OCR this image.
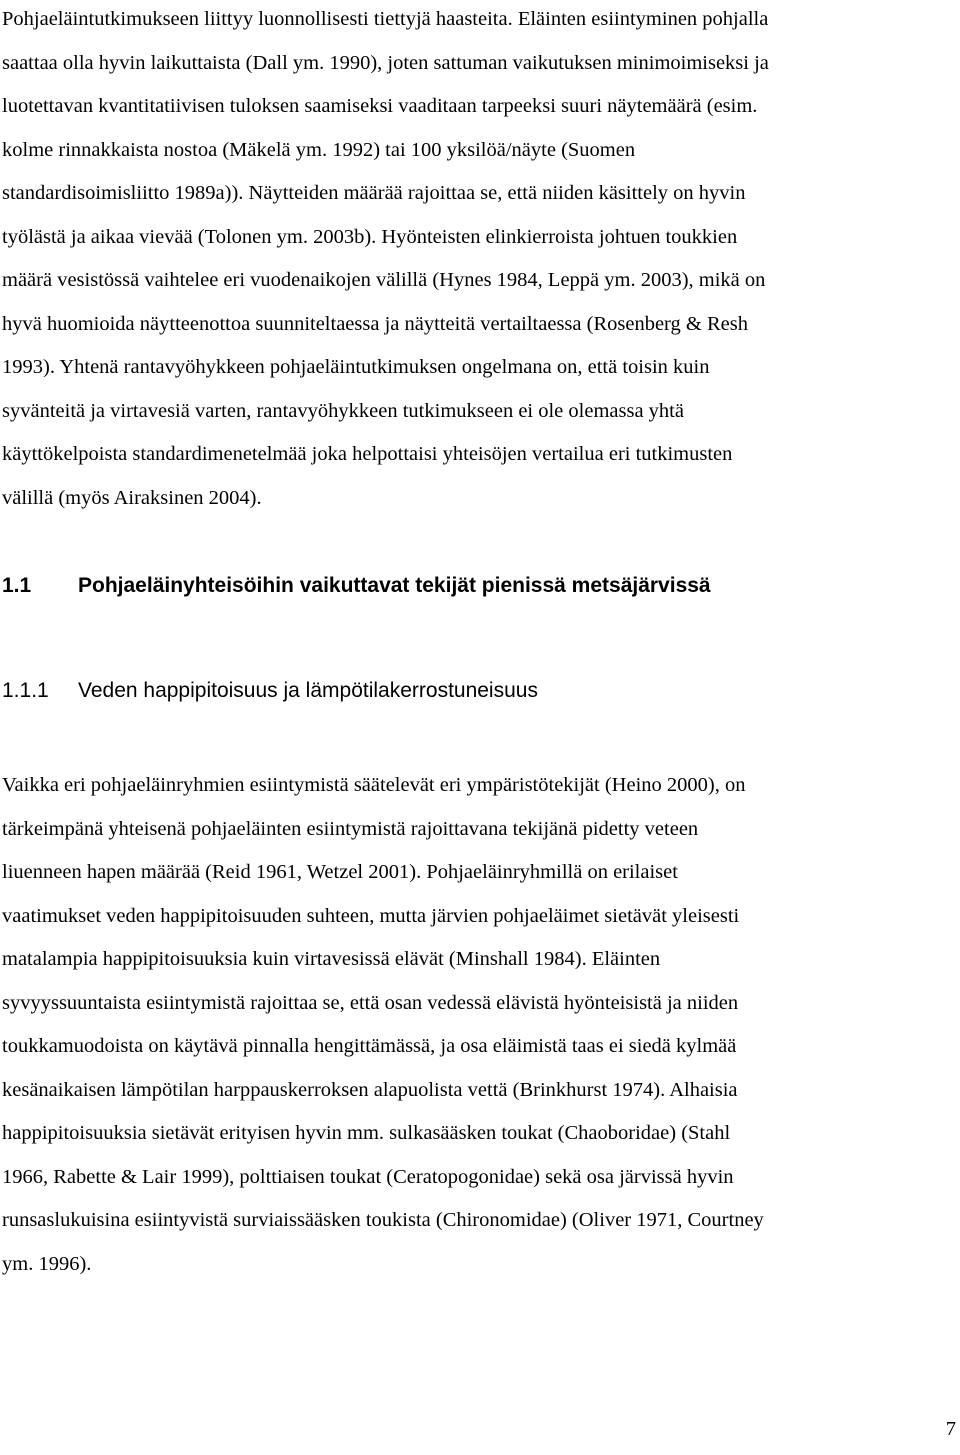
Pohjaeläintutkimukseen liittyy luonnollisesti tiettyjä haasteita. Eläinten esiintyminen pohjalla
saattaa olla hyvin laikuttaista (Dall ym. 1990), joten sattuman vaikutuksen minimoimiseksi ja
luotettavan kvantitatiivisen tuloksen saamiseksi vaaditaan tarpeeksi suuri näytemäärä (esim.
kolme rinnakkaista nostoa (Mäkelä ym. 1992) tai 100 yksilöä/näyte (Suomen
standardisoimisliitto 1989a)). Näytteiden määrää rajoittaa se, että niiden käsittely on hyvin
työlästä ja aikaa vievää (Tolonen ym. 2003b). Hyönteisten elinkierroista johtuen toukkien
määrä vesistössä vaihtelee eri vuodenaikojen välillä (Hynes 1984, Leppä ym. 2003), mikä on
hyvä huomioida näytteenottoa suunniteltaessa ja näytteitä vertailtaessa (Rosenberg & Resh
1993). Yhtenä rantavyöhykkeen pohjaeläintutkimuksen ongelmana on, että toisin kuin
syvänteitä ja virtavesiä varten, rantavyöhykkeen tutkimukseen ei ole olemassa yhtä
käyttökelpoista standardimenetelmää joka helpottaisi yhteisöjen vertailua eri tutkimusten
välillä (myös Airaksinen 2004).
1.1 Pohjaeläinyhteisöihin vaikuttavat tekijät pienissä metsäjärvissä
1.1.1 Veden happipitoisuus ja lämpötilakerrostuneisuus
Vaikka eri pohjaeläinryhmien esiintymistä säätelevät eri ympäristötekijät (Heino 2000), on
tärkeimpänä yhteisenä pohjaeläinten esiintymistä rajoittavana tekijänä pidetty veteen
liuenneen hapen määrää (Reid 1961, Wetzel 2001). Pohjaeläinryhmillä on erilaiset
vaatimukset veden happipitoisuuden suhteen, mutta järvien pohjaeläimet sietävät yleisesti
matalampia happipitoisuuksia kuin virtavesissä elävät (Minshall 1984). Eläinten
syvyyssuuntaista esiintymistä rajoittaa se, että osan vedessä elävistä hyönteisistä ja niiden
toukkamuodoista on käytävä pinnalla hengittämässä, ja osa eläimistä taas ei siedä kylmää
kesänaikaisen lämpötilan harppauskerroksen alapuolista vettä (Brinkhurst 1974). Alhaisia
happipitoisuuksia sietävät erityisen hyvin mm. sulkasääsken toukat (Chaoboridae) (Stahl
1966, Rabette & Lair 1999), polttiaisen toukat (Ceratopogonidae) sekä osa järvissä hyvin
runsaslukuisina esiintyvistä surviaissääsken toukista (Chironomidae) (Oliver 1971, Courtney
ym. 1996).
7
